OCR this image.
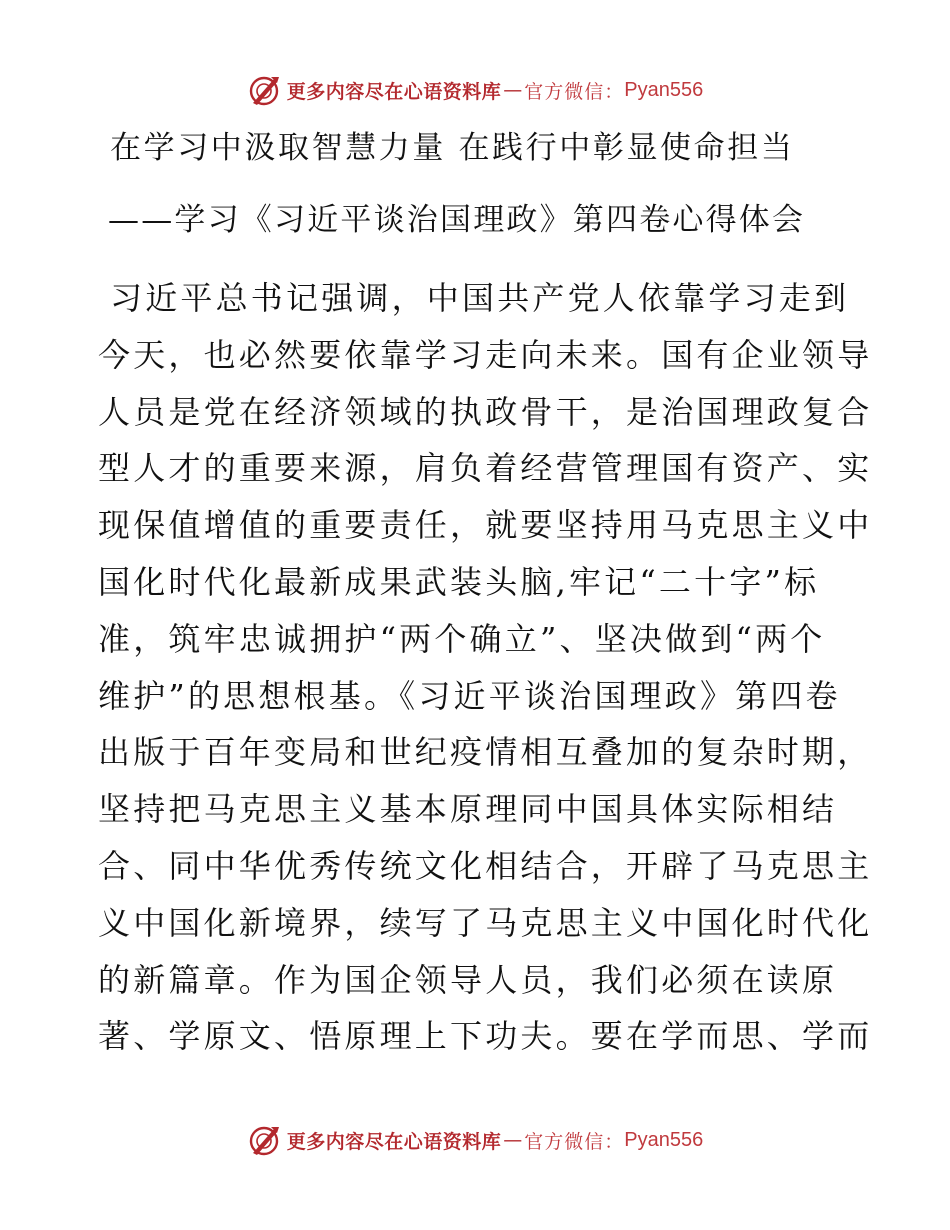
更多内容尽在心语资料库 — 官方微信： Pyan556
在学习中汲取智慧力量 在践行中彰显使命担当
——学习《习近平谈治国理政》第四卷心得体会
习近平总书记强调，中国共产党人依靠学习走到
今天，也必然要依靠学习走向未来。国有企业领导
人员是党在经济领域的执政骨干，是治国理政复合
型人才的重要来源，肩负着经营管理国有资产、实
现保值增值的重要责任，就要坚持用马克思主义中
国化时代化最新成果武装头脑,牢记“二十字”标
准，筑牢忠诚拥护“两个确立”、坚决做到“两个
维护”的思想根基。《习近平谈治国理政》第四卷
出版于百年变局和世纪疫情相互叠加的复杂时期，
坚持把马克思主义基本原理同中国具体实际相结
合、同中华优秀传统文化相结合，开辟了马克思主
义中国化新境界，续写了马克思主义中国化时代化
的新篇章。作为国企领导人员，我们必须在读原
著、学原文、悟原理上下功夫。要在学而思、学而
更多内容尽在心语资料库 — 官方微信： Pyan556
